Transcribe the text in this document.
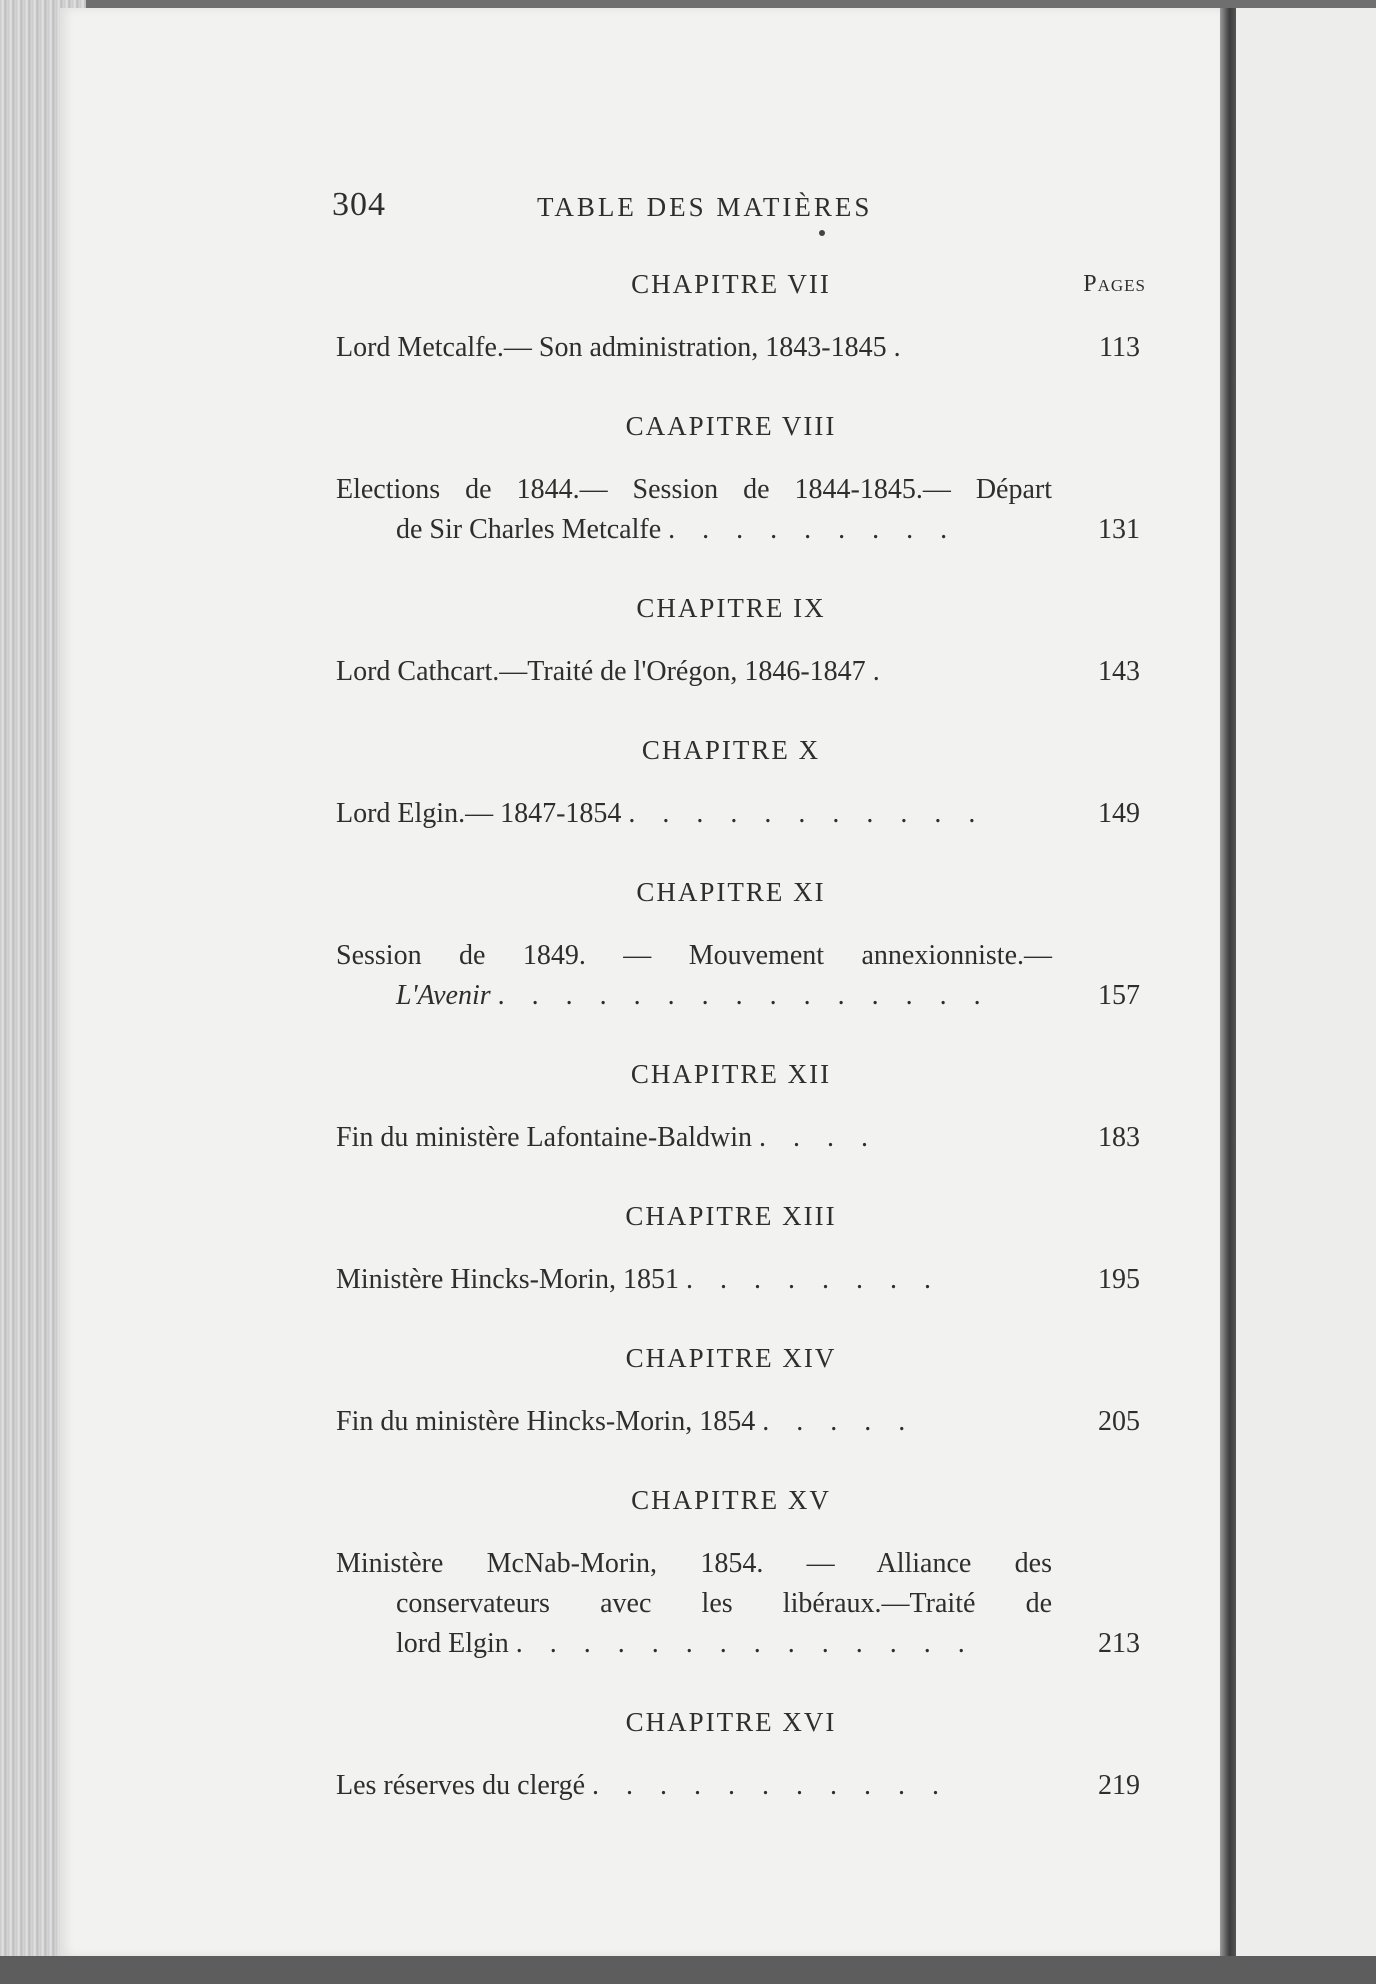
304	TABLE DES MATIÈRES
CHAPITRE VII	Pages
Lord Metcalfe.— Son administration, 1843-1845 .	113
CAAPITRE VIII
Elections de 1844.— Session de 1844-1845.— Départ
de Sir Charles Metcalfe . . . . . . . . .	131
CHAPITRE IX
Lord Cathcart.—Traité de l'Orégon, 1846-1847 .	143
CHAPITRE X
Lord Elgin.— 1847-1854 . . . . . . . . . . .	149
CHAPITRE XI
Session de 1849. — Mouvement annexionniste.—
L'Avenir . . . . . . . . . . . . . . .	157
CHAPITRE XII
Fin du ministère Lafontaine-Baldwin . . . .	183
CHAPITRE XIII
Ministère Hincks-Morin, 1851 . . . . . . . .	195
CHAPITRE XIV
Fin du ministère Hincks-Morin, 1854 . . . . .	205
CHAPITRE XV
Ministère McNab-Morin, 1854. — Alliance des
conservateurs avec les libéraux.—Traité de
lord Elgin . . . . . . . . . . . . . .	213
CHAPITRE XVI
Les réserves du clergé . . . . . . . . . . .	219
